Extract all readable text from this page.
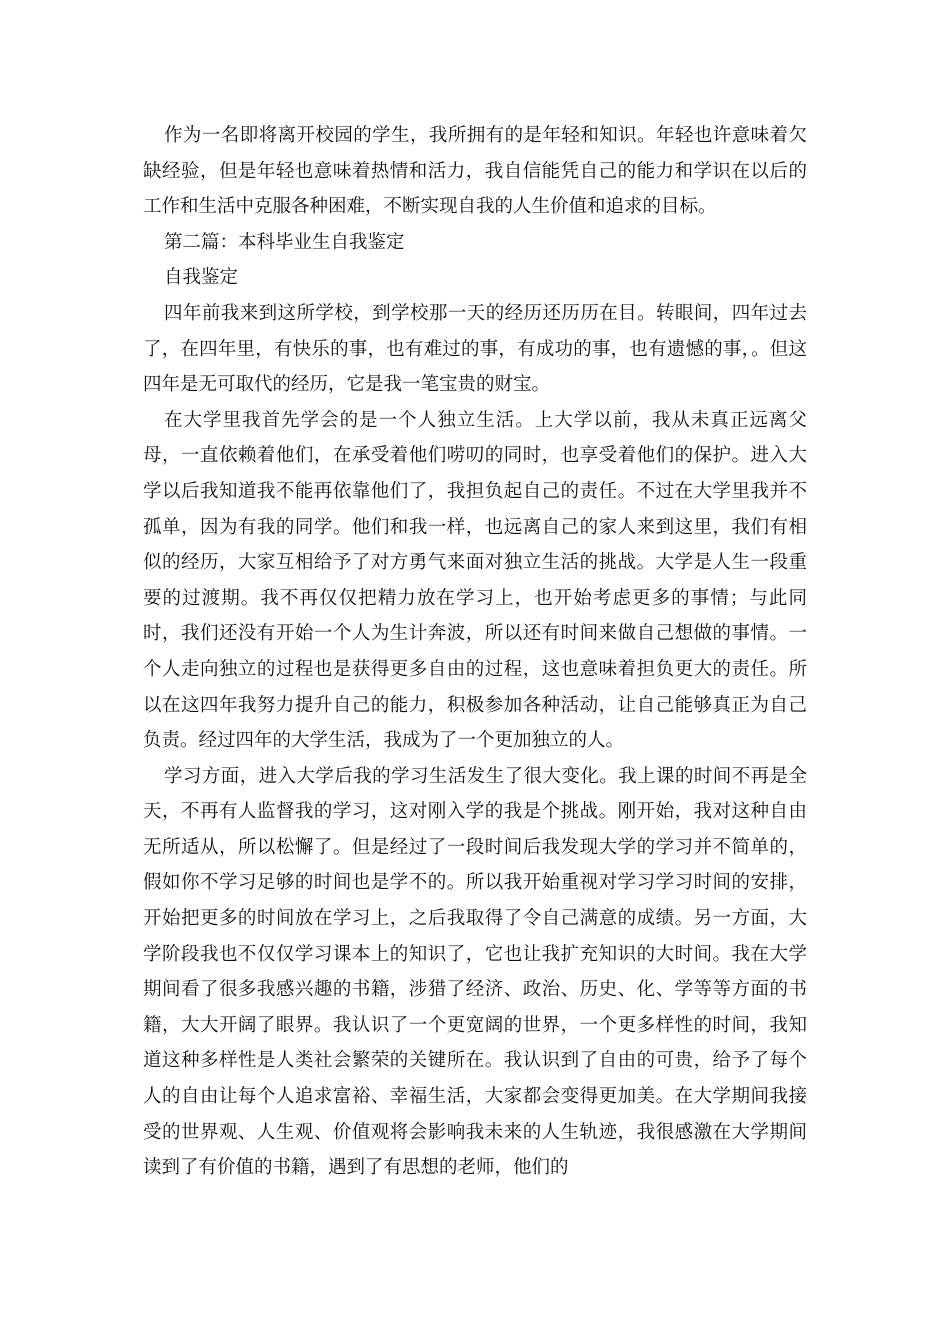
作为一名即将离开校园的学生，我所拥有的是年轻和知识。年轻也许意味着欠缺经验，但是年轻也意味着热情和活力，我自信能凭自己的能力和学识在以后的工作和生活中克服各种困难，不断实现自我的人生价值和追求的目标。

第二篇：本科毕业生自我鉴定

自我鉴定

四年前我来到这所学校，到学校那一天的经历还历历在目。转眼间，四年过去了，在四年里，有快乐的事，也有难过的事，有成功的事，也有遗憾的事，。但这四年是无可取代的经历，它是我一笔宝贵的财宝。

在大学里我首先学会的是一个人独立生活。上大学以前，我从未真正远离父母，一直依赖着他们，在承受着他们唠叨的同时，也享受着他们的保护。进入大学以后我知道我不能再依靠他们了，我担负起自己的责任。不过在大学里我并不孤单，因为有我的同学。他们和我一样，也远离自己的家人来到这里，我们有相似的经历，大家互相给予了对方勇气来面对独立生活的挑战。大学是人生一段重要的过渡期。我不再仅仅把精力放在学习上，也开始考虑更多的事情；与此同时，我们还没有开始一个人为生计奔波，所以还有时间来做自己想做的事情。一个人走向独立的过程也是获得更多自由的过程，这也意味着担负更大的责任。所以在这四年我努力提升自己的能力，积极参加各种活动，让自己能够真正为自己负责。经过四年的大学生活，我成为了一个更加独立的人。

学习方面，进入大学后我的学习生活发生了很大变化。我上课的时间不再是全天，不再有人监督我的学习，这对刚入学的我是个挑战。刚开始，我对这种自由无所适从，所以松懈了。但是经过了一段时间后我发现大学的学习并不简单的，假如你不学习足够的时间也是学不的。所以我开始重视对学习学习时间的安排，开始把更多的时间放在学习上，之后我取得了令自己满意的成绩。另一方面，大学阶段我也不仅仅学习课本上的知识了，它也让我扩充知识的大时间。我在大学期间看了很多我感兴趣的书籍，涉猎了经济、政治、历史、化、学等等方面的书籍，大大开阔了眼界。我认识了一个更宽阔的世界，一个更多样性的时间，我知道这种多样性是人类社会繁荣的关键所在。我认识到了自由的可贵，给予了每个人的自由让每个人追求富裕、幸福生活，大家都会变得更加美。在大学期间我接受的世界观、人生观、价值观将会影响我未来的人生轨迹，我很感激在大学期间读到了有价值的书籍，遇到了有思想的老师，他们的
